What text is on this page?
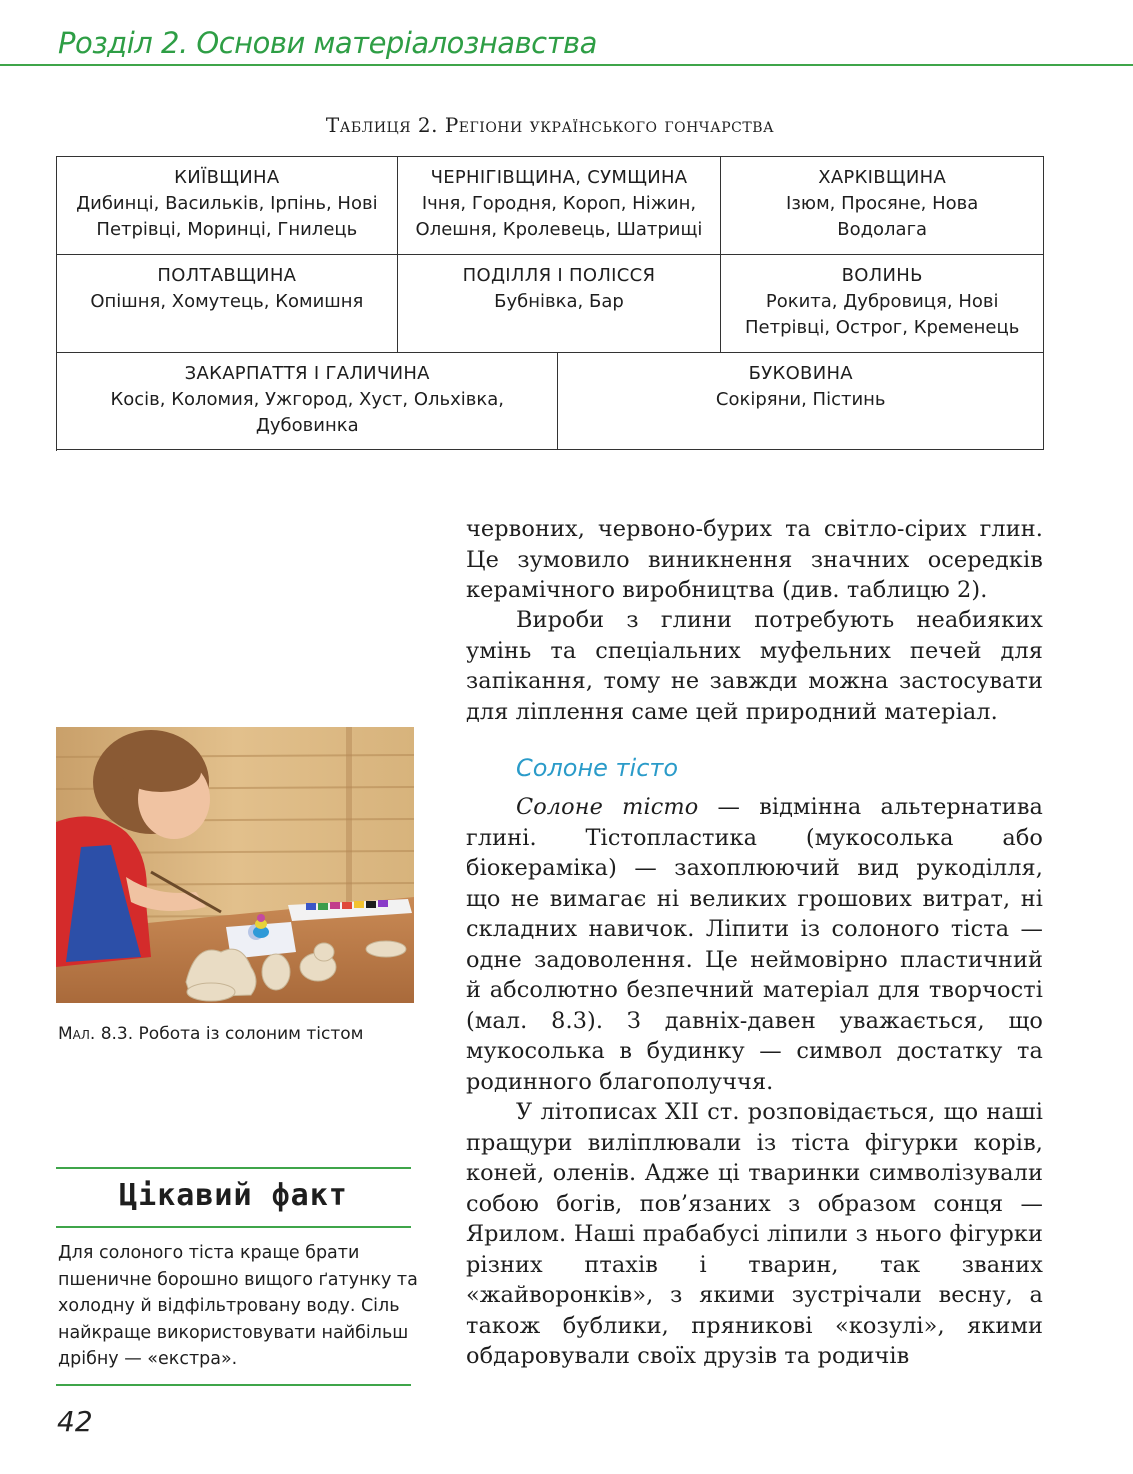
Розділ 2. Основи матеріалознавства
Таблиця 2. Регіони українського гончарства
КИЇВЩИНА
Дибинці, Васильків, Ірпінь, Нові Петрівці, Моринці, Гнилець
ЧЕРНІГІВЩИНА, СУМЩИНА
Ічня, Городня, Короп, Ніжин, Олешня, Кролевець, Шатрищі
ХАРКІВЩИНА
Ізюм, Просяне, Нова Водолага
ПОЛТАВЩИНА
Опішня, Хомутець, Комишня
ПОДІЛЛЯ І ПОЛІССЯ
Бубнівка, Бар
ВОЛИНЬ
Рокита, Дубровиця, Нові Петрівці, Острог, Кременець
ЗАКАРПАТТЯ І ГАЛИЧИНА
Косів, Коломия, Ужгород, Хуст, Ольхівка, Дубовинка
БУКОВИНА
Сокіряни, Пістинь
Мал. 8.3. Робота із солоним тістом
Цікавий факт
Для солоного тіста краще брати пшеничне борошно вищого ґатунку та холодну й відфільтровану воду. Сіль найкраще використовувати найбільш дрібну — «екстра».
червоних, червоно-бурих та світло-сірих глин. Це зумовило виникнення значних осередків керамічного виробництва (див. таблицю 2).
Вироби з глини потребують неабияких умінь та спеціальних муфельних печей для запікання, тому не завжди можна застосувати для ліплення саме цей природний матеріал.
Солоне тісто
Солоне тісто — відмінна альтернатива глині. Тістопластика (мукосолька або біокераміка) — захоплюючий вид рукоділля, що не вимагає ні великих грошових витрат, ні складних навичок. Ліпити із солоного тіста — одне задоволення. Це неймовірно пластичний й абсолютно безпечний матеріал для творчості (мал. 8.3). З давніх-давен уважається, що мукосолька в будинку — символ достатку та родинного благополуччя.
У літописах XII ст. розповідається, що наші пращури виліплювали із тіста фігурки корів, коней, оленів. Адже ці тваринки символізували собою богів, пов’язаних з образом сонця — Ярилом. Наші прабабусі ліпили з нього фігурки різних птахів і тварин, так званих «жайворонків», з якими зустрічали весну, а також бублики, пряникові «козулі», якими обдаровували своїх друзів та родичів
42
